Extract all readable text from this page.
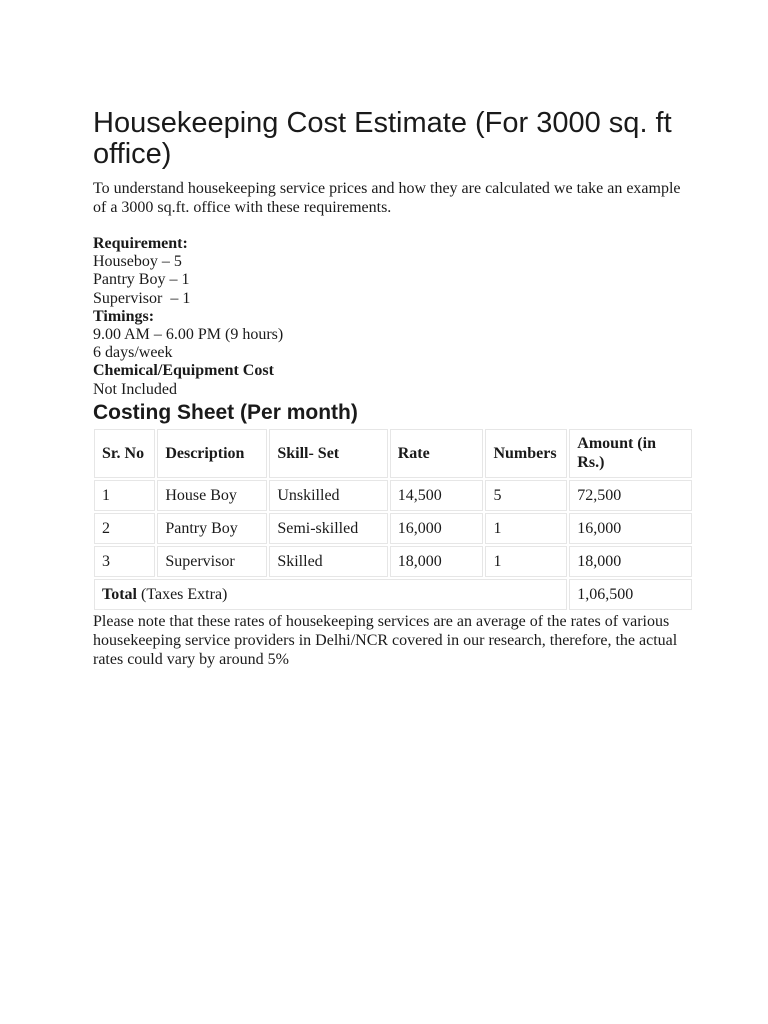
Housekeeping Cost Estimate (For 3000 sq. ft office)

To understand housekeeping service prices and how they are calculated we take an example of a 3000 sq.ft. office with these requirements.

Requirement:
Houseboy – 5
Pantry Boy – 1
Supervisor  – 1
Timings:
9.00 AM – 6.00 PM (9 hours)
6 days/week
Chemical/Equipment Cost
Not Included
Costing Sheet (Per month)
Sr. No	Description	Skill- Set	Rate	Numbers	Amount (in Rs.)
1	House Boy	Unskilled	14,500	5	72,500
2	Pantry Boy	Semi-skilled	16,000	1	16,000
3	Supervisor	Skilled	18,000	1	18,000
Total (Taxes Extra)					1,06,500

Please note that these rates of housekeeping services are an average of the rates of various housekeeping service providers in Delhi/NCR covered in our research, therefore, the actual rates could vary by around 5%
